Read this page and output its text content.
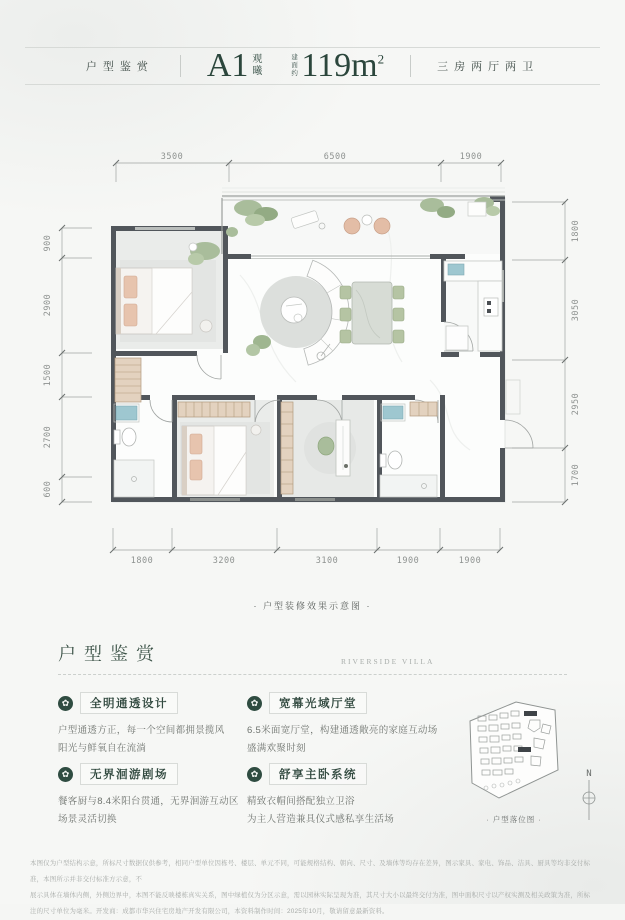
户型鉴赏 A1 观曦
建面约 $119m^2$
三房两厅两卫
3500	6500	1900
1800	3200	3100	1900	1900
900
2900
1500
2700
600
1800
3050
2950
1700
· 户型装修效果示意图 ·
户型鉴赏	RIVERSIDE VILLA
✿	全明通透设计
户型通透方正，每一个空间都拥景揽风
阳光与鲜氧自在流淌
✿	宽幕光域厅堂
6.5米面宽厅堂，构建通透敞亮的家庭互动场
盛满欢聚时刻
✿	无界洄游剧场
餐客厨与8.4米阳台贯通，无界洄游互动区
场景灵活切换
✿	舒享主卧系统
精致衣帽间搭配独立卫浴
为主人营造兼具仪式感私享生活场	· 户型落位图 ·
N
本图仅为户型结构示意，所标尺寸数据仅供参考，相同户型单位因栋号、楼层、单元不同，可能规格结构、朝向、尺寸、及墙体等均存在差异，图示家具、家电、饰品、洁具、厨具等均非交付标准，本图所示并非交付标准方示意，不
展示具体在墙体内侧，外侧边界中，本图不能反映楼栋真实关系，图中绿植仅为分区示意，需以园林实际呈现为准，其尺寸大小以最终交付为准，图中面积尺寸以产权实测及相关政策为准，所标注的尺寸单位为毫米。开发商：成都市华兴住宅房地产开发有限公司，本资料制作时间：2025年10月，敬请留意最新资料。
